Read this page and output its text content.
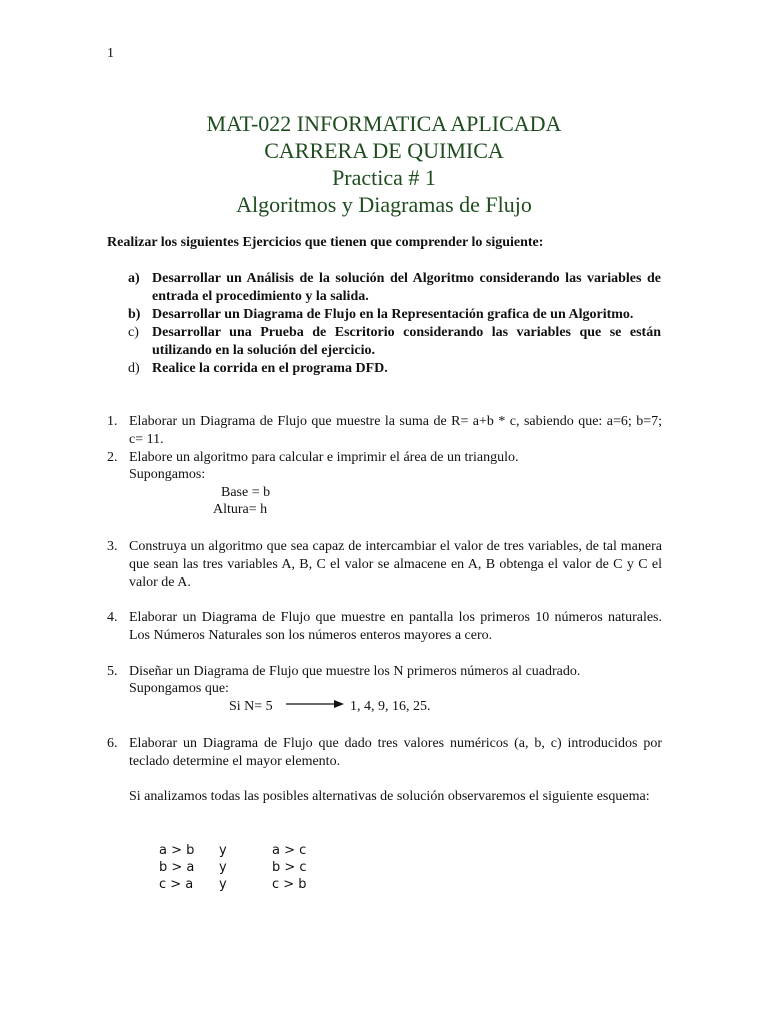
1
MAT-022 INFORMATICA APLICADA
CARRERA DE QUIMICA
Practica # 1
Algoritmos y Diagramas de Flujo
Realizar los siguientes Ejercicios que tienen que comprender lo siguiente:
a) Desarrollar un Análisis de la solución del Algoritmo considerando las variables de entrada el procedimiento y la salida.
b) Desarrollar un Diagrama de Flujo en la Representación grafica de un Algoritmo.
c) Desarrollar una Prueba de Escritorio considerando las variables que se están utilizando en la solución del ejercicio.
d) Realice la corrida en el programa DFD.
1. Elaborar un Diagrama de Flujo que muestre la suma de R= a+b * c, sabiendo que: a=6; b=7; c= 11.
2. Elabore un algoritmo para calcular e imprimir el área de un triangulo.
Supongamos:
Base = b
Altura= h
3. Construya un algoritmo que sea capaz de intercambiar el valor de tres variables, de tal manera que sean las tres variables A, B, C el valor se almacene en A, B obtenga el valor de C y C el valor de A.
4. Elaborar un Diagrama de Flujo que muestre en pantalla los primeros 10 números naturales. Los Números Naturales son los números enteros mayores a cero.
5. Diseñar un Diagrama de Flujo que muestre los N primeros números al cuadrado.
Supongamos que:
Si N= 5	1, 4, 9, 16, 25.
6. Elaborar un Diagrama de Flujo que dado tres valores numéricos (a, b, c) introducidos por teclado determine el mayor elemento.
Si analizamos todas las posibles alternativas de solución observaremos el siguiente esquema:
a > b y	a > c
b > a y	b > c
c > a y	c > b
